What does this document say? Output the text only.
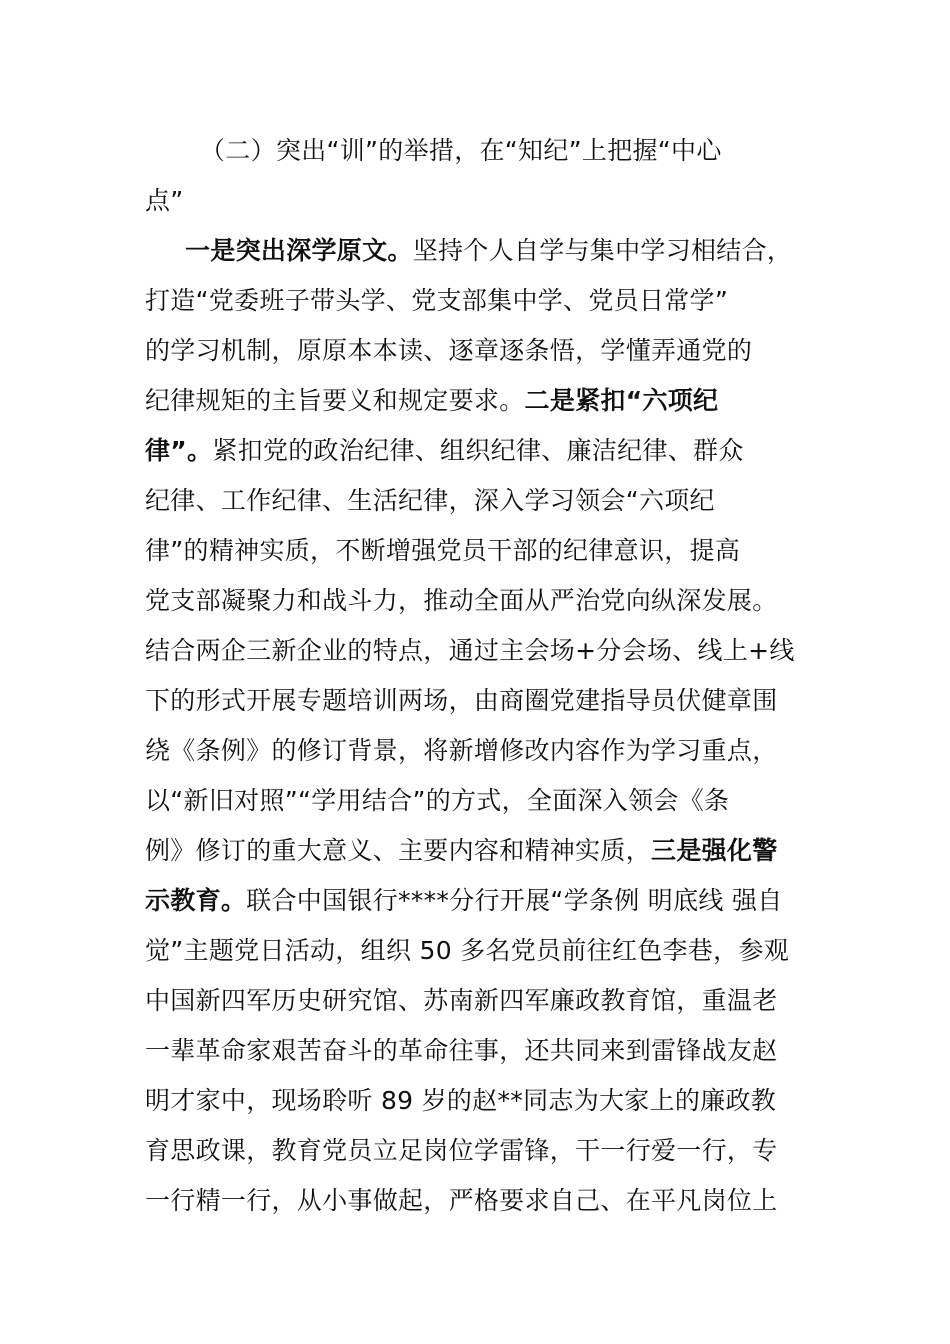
（二）突出“训”的举措，在“知纪”上把握“中心
点”
一是突出深学原文。坚持个人自学与集中学习相结合，
打造“党委班子带头学、党支部集中学、党员日常学”
的学习机制，原原本本读、逐章逐条悟，学懂弄通党的
纪律规矩的主旨要义和规定要求。二是紧扣“六项纪
律”。紧扣党的政治纪律、组织纪律、廉洁纪律、群众
纪律、工作纪律、生活纪律，深入学习领会“六项纪
律”的精神实质，不断增强党员干部的纪律意识，提高
党支部凝聚力和战斗力，推动全面从严治党向纵深发展。
结合两企三新企业的特点，通过主会场+分会场、线上+线
下的形式开展专题培训两场，由商圈党建指导员伏健章围
绕《条例》的修订背景，将新增修改内容作为学习重点，
以“新旧对照”“学用结合”的方式，全面深入领会《条
例》修订的重大意义、主要内容和精神实质，三是强化警
示教育。联合中国银行****分行开展“学条例 明底线 强自
觉”主题党日活动，组织 50 多名党员前往红色李巷，参观
中国新四军历史研究馆、苏南新四军廉政教育馆，重温老
一辈革命家艰苦奋斗的革命往事，还共同来到雷锋战友赵
明才家中，现场聆听 89 岁的赵**同志为大家上的廉政教
育思政课，教育党员立足岗位学雷锋，干一行爱一行，专
一行精一行，从小事做起，严格要求自己、在平凡岗位上
